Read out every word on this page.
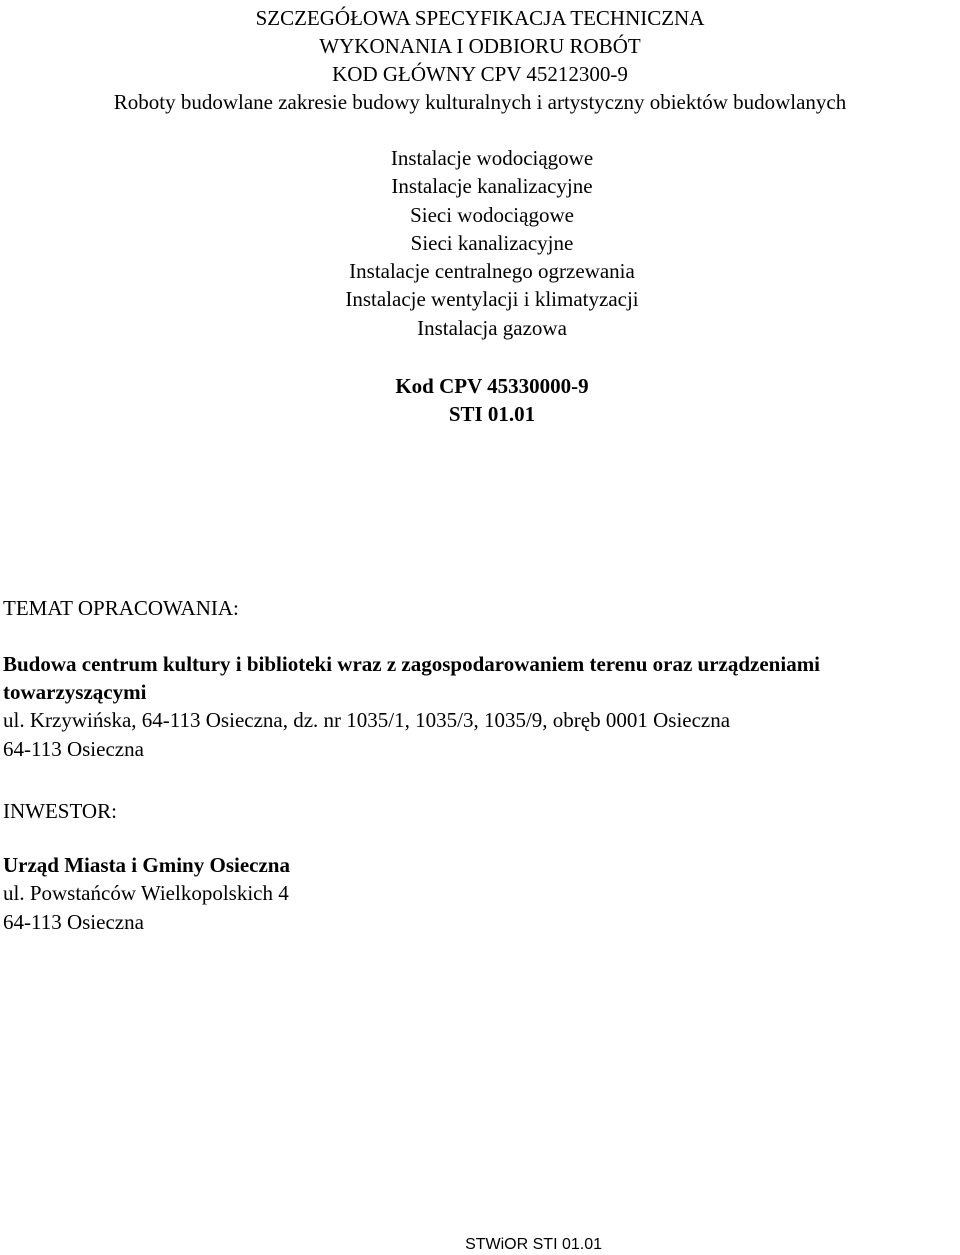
SZCZEGÓŁOWA SPECYFIKACJA TECHNICZNA
WYKONANIA I ODBIORU ROBÓT
KOD GŁÓWNY CPV 45212300-9
Roboty budowlane zakresie budowy kulturalnych i artystyczny obiektów budowlanych
Instalacje wodociągowe
Instalacje kanalizacyjne
Sieci wodociągowe
Sieci kanalizacyjne
Instalacje centralnego ogrzewania
Instalacje wentylacji i klimatyzacji
Instalacja gazowa
Kod CPV 45330000-9
STI 01.01
TEMAT OPRACOWANIA:
Budowa centrum kultury i biblioteki wraz z zagospodarowaniem terenu oraz urządzeniami towarzyszącymi
ul. Krzywińska, 64-113 Osieczna, dz. nr 1035/1, 1035/3, 1035/9, obręb 0001 Osieczna
64-113 Osieczna
INWESTOR:
Urząd Miasta i Gminy Osieczna
ul. Powstańców Wielkopolskich 4
64-113 Osieczna
STWiOR STI 01.01
